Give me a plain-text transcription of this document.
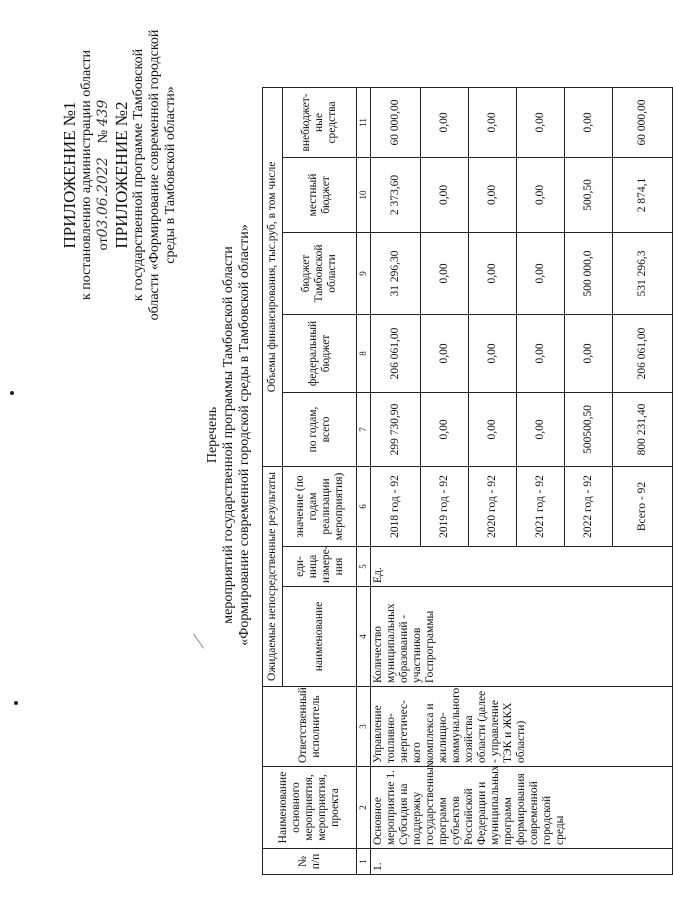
ПРИЛОЖЕНИЕ №1 к постановлению администрации области от03.06.2022    № 439 ПРИЛОЖЕНИЕ №2 к государственной программе Тамбовской области «Формирование современной городской среды в Тамбовской области»
Перечень мероприятий государственной программы Тамбовской области «Формирование современной городской среды в Тамбовской области»
№ п/п	Наименование основного мероприятия, мероприятия, проекта	Ответственный исполнитель	Ожидаемые непосредственные результаты			Объемы финансирования, тыс.руб, в том числе					
			наименование	еди-ница измере-ния	значение (по годам реализации мероприятия)	по годам, всего	федеральный бюджет	бюджет Тамбовской области	местный бюджет	внебюджет-ные средства	
1	2	3	4	5	6	7	8	9	10	11	
1.	Основное мероприятие 1. Субсидия на поддержку государственных программ субъектов Российской Федерации и муниципальных программ формирования современной городской среды	Управление топливно-энергетичес-кого комплекса и жилищно-коммунального хозяйства области (далее - управление ТЭК и ЖКХ области)	Количество муниципальных образований - участников Госпрограммы	Ед.	2018 год - 92	299 730,90	206 061,00	31 296,30	2 373,60	60 000,00	
					2019 год - 92	0,00	0,00	0,00	0,00	0,00	
					2020 год - 92	0,00	0,00	0,00	0,00	0,00	
					2021 год - 92	0,00	0,00	0,00	0,00	0,00	
					2022 год - 92	500500,50	0,00	500 000,0	500,50	0,00	
					Всего - 92	800 231,40	206 061,00	531 296,3	2 874,1	60 000,00	
